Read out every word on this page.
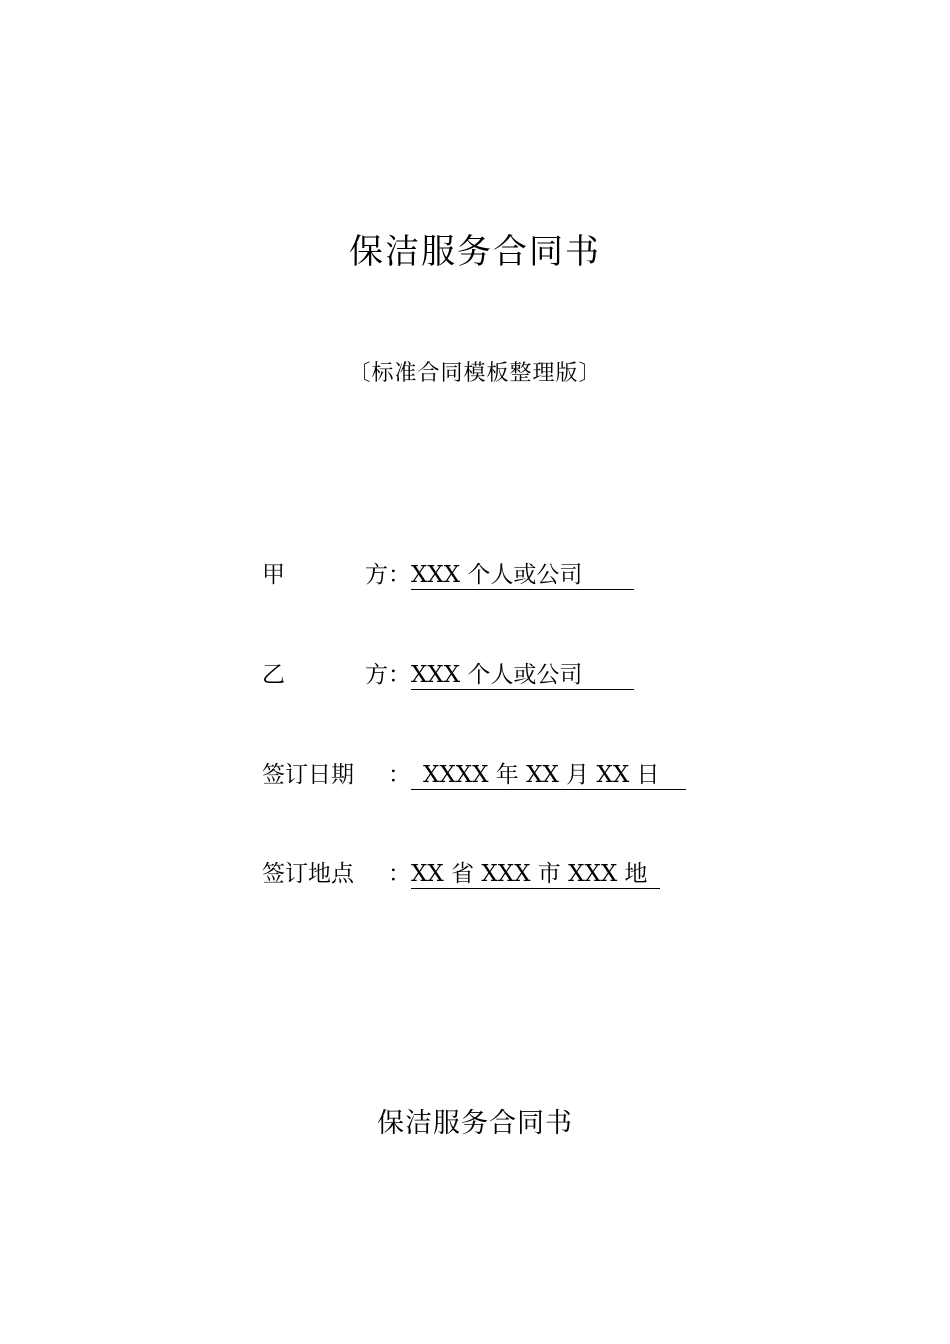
保洁服务合同书
〔标准合同模板整理版〕
甲	方 ：XXX 个人或公司
乙	方 ：XXX 个人或公司
签订日期 ： XXXX 年 XX 月 XX 日
签订地点 ：XX 省 XXX 市 XXX 地
保洁服务合同书
